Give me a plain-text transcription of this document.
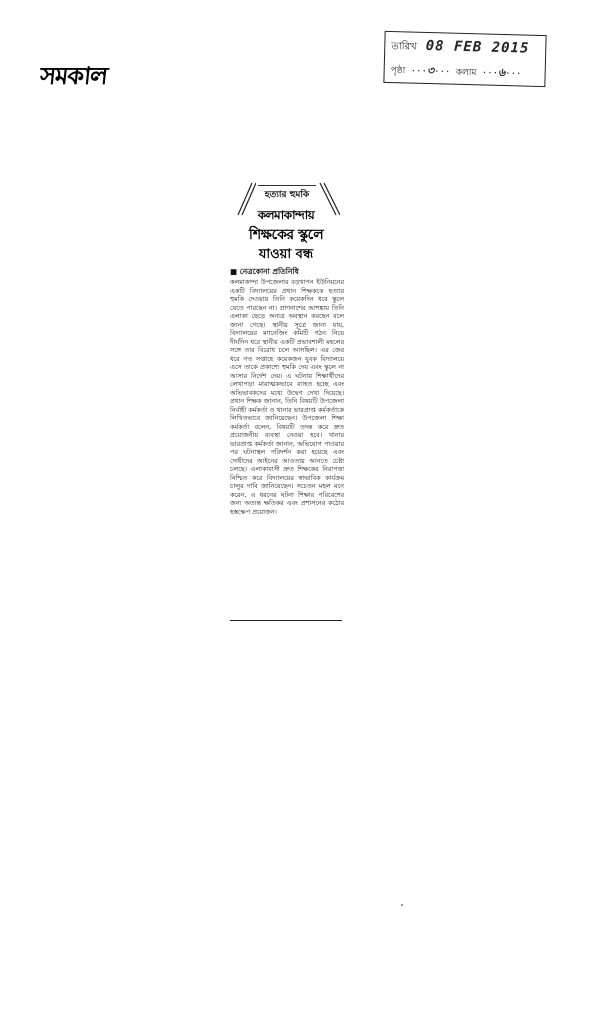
সমকাল
তারিখ 08 FEB 2015
পৃষ্ঠা ···৩··· কলাম ···৬···
হত্যার হুমকি
কলমাকান্দায়
শিক্ষকের স্কুলে
যাওয়া বন্ধ
■ নেত্রকোনা প্রতিনিধি
কলমাকান্দা উপজেলার বড়খাপন ইউনিয়নের একটি বিদ্যালয়ের প্রধান শিক্ষককে হত্যার হুমকি দেওয়ায় তিনি কয়েকদিন ধরে স্কুলে যেতে পারছেন না। প্রাণনাশের আশঙ্কায় তিনি এলাকা ছেড়ে অন্যত্র অবস্থান করছেন বলে জানা গেছে। স্থানীয় সূত্রে জানা যায়, বিদ্যালয়ের ম্যানেজিং কমিটি গঠন নিয়ে দীর্ঘদিন ধরে স্থানীয় একটি প্রভাবশালী মহলের সঙ্গে তার বিরোধ চলে আসছিল। এর জের ধরে গত সপ্তাহে কয়েকজন যুবক বিদ্যালয়ে এসে তাকে প্রকাশ্যে হুমকি দেয় এবং স্কুলে না আসার নির্দেশ দেয়। এ ঘটনায় শিক্ষার্থীদের লেখাপড়া মারাত্মকভাবে ব্যাহত হচ্ছে এবং অভিভাবকদের মধ্যে উদ্বেগ দেখা দিয়েছে। প্রধান শিক্ষক জানান, তিনি বিষয়টি উপজেলা নির্বাহী কর্মকর্তা ও থানার ভারপ্রাপ্ত কর্মকর্তাকে লিখিতভাবে জানিয়েছেন। উপজেলা শিক্ষা কর্মকর্তা বলেন, বিষয়টি তদন্ত করে দ্রুত প্রয়োজনীয় ব্যবস্থা নেওয়া হবে। থানার ভারপ্রাপ্ত কর্মকর্তা জানান, অভিযোগ পাওয়ার পর ঘটনাস্থল পরিদর্শন করা হয়েছে এবং দোষীদের আইনের আওতায় আনতে চেষ্টা চলছে। এলাকাবাসী দ্রুত শিক্ষকের নিরাপত্তা নিশ্চিত করে বিদ্যালয়ের স্বাভাবিক কার্যক্রম চালুর দাবি জানিয়েছেন। সচেতন মহল মনে করেন, এ ধরনের ঘটনা শিক্ষার পরিবেশের জন্য অত্যন্ত ক্ষতিকর এবং প্রশাসনের কঠোর হস্তক্ষেপ প্রয়োজন।
